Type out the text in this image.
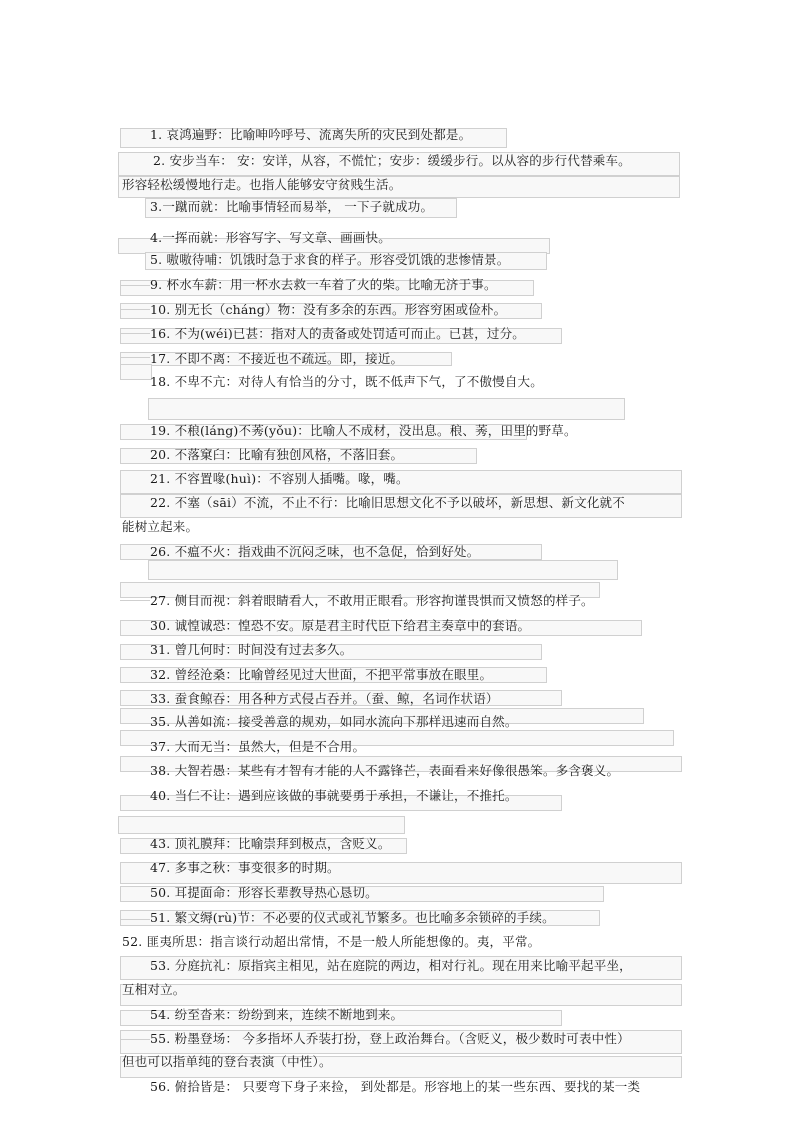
1. 哀鸿遍野：比喻呻吟呼号、流离失所的灾民到处都是。
2. 安步当车： 安：安详，从容，不慌忙；安步：缓缓步行。以从容的步行代替乘车。
形容轻松缓慢地行走。也指人能够安守贫贱生活。
3.一蹴而就：比喻事情轻而易举， 一下子就成功。
4.一挥而就：形容写字、写文章、画画快。
5. 嗷嗷待哺：饥饿时急于求食的样子。形容受饥饿的悲惨情景。
9. 杯水车薪：用一杯水去救一车着了火的柴。比喻无济于事。
10. 别无长（cháng）物：没有多余的东西。形容穷困或俭朴。
16. 不为(wéi)已甚：指对人的责备或处罚适可而止。已甚，过分。
17. 不即不离：不接近也不疏远。即，接近。
18. 不卑不亢：对待人有恰当的分寸，既不低声下气，了不傲慢自大。
19. 不稂(láng)不莠(yǒu)：比喻人不成材，没出息。稂、莠，田里的野草。
20. 不落窠臼：比喻有独创风格，不落旧套。
21. 不容置喙(huì)：不容别人插嘴。喙，嘴。
22. 不塞（sāi）不流，不止不行：比喻旧思想文化不予以破坏，新思想、新文化就不
能树立起来。
26. 不瘟不火：指戏曲不沉闷乏味，也不急促，恰到好处。
27. 侧目而视：斜着眼睛看人，不敢用正眼看。形容拘谨畏惧而又愤怒的样子。
30. 诚惶诚恐：惶恐不安。原是君主时代臣下给君主奏章中的套语。
31. 曾几何时：时间没有过去多久。
32. 曾经沧桑：比喻曾经见过大世面，不把平常事放在眼里。
33. 蚕食鲸吞：用各种方式侵占吞并。（蚕、鲸，名词作状语）
35. 从善如流：接受善意的规劝，如同水流向下那样迅速而自然。
37. 大而无当：虽然大，但是不合用。
38. 大智若愚：某些有才智有才能的人不露锋芒，表面看来好像很愚笨。多含褒义。
40. 当仁不让：遇到应该做的事就要勇于承担，不谦让，不推托。
43. 顶礼膜拜：比喻崇拜到极点，含贬义。
47. 多事之秋：事变很多的时期。
50. 耳提面命：形容长辈教导热心恳切。
51. 繁文缛(rù)节：不必要的仪式或礼节繁多。也比喻多余锁碎的手续。
52. 匪夷所思：指言谈行动超出常情，不是一般人所能想像的。夷，平常。
53. 分庭抗礼：原指宾主相见，站在庭院的两边，相对行礼。现在用来比喻平起平坐，
互相对立。
54. 纷至沓来：纷纷到来，连续不断地到来。
55. 粉墨登场： 今多指坏人乔装打扮，登上政治舞台。（含贬义，极少数时可表中性）
但也可以指单纯的登台表演（中性）。
56. 俯拾皆是： 只要弯下身子来捡， 到处都是。形容地上的某一些东西、要找的某一类
